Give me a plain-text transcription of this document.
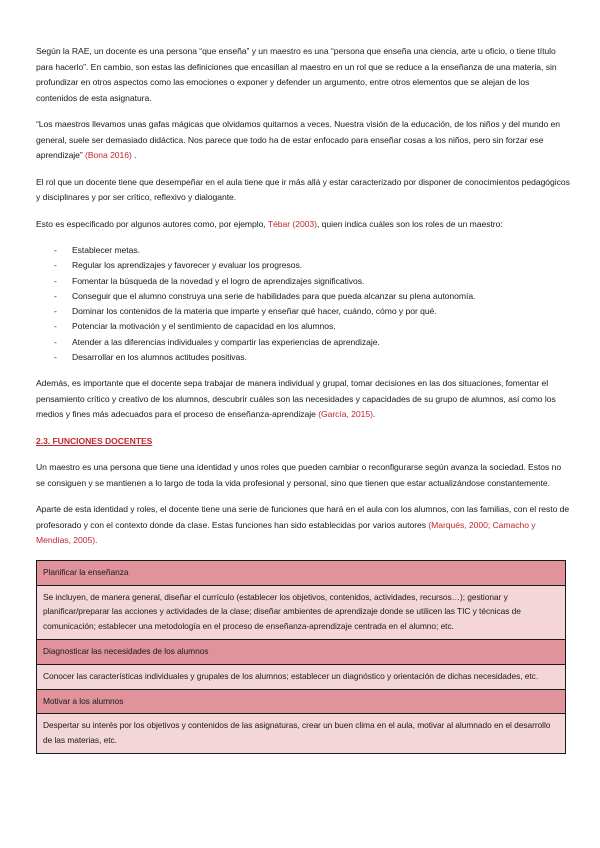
Según la RAE, un docente es una persona “que enseña” y un maestro es una “persona que enseña una ciencia, arte u oficio, o tiene título para hacerlo”. En cambio, son estas las definiciones que encasillan al maestro en un rol que se reduce a la enseñanza de una materia, sin profundizar en otros aspectos como las emociones o exponer y defender un argumento, entre otros elementos que se alejan de los contenidos de esta asignatura.

“Los maestros llevamos unas gafas mágicas que olvidamos quitarnos a veces. Nuestra visión de la educación, de los niños y del mundo en general, suele ser demasiado didáctica. Nos parece que todo ha de estar enfocado para enseñar cosas a los niños, pero sin forzar ese aprendizaje” (Bona 2016) .

El rol que un docente tiene que desempeñar en el aula tiene que ir más allá y estar caracterizado por disponer de conocimientos pedagógicos y disciplinares y por ser crítico, reflexivo y dialogante.

Esto es especificado por algunos autores como, por ejemplo, Tébar (2003), quien indica cuáles son los roles de un maestro:

- Establecer metas.
- Regular los aprendizajes y favorecer y evaluar los progresos.
- Fomentar la búsqueda de la novedad y el logro de aprendizajes significativos.
- Conseguir que el alumno construya una serie de habilidades para que pueda alcanzar su plena autonomía.
- Dominar los contenidos de la materia que imparte y enseñar qué hacer, cuándo, cómo y por qué.
- Potenciar la motivación y el sentimiento de capacidad en los alumnos.
- Atender a las diferencias individuales y compartir las experiencias de aprendizaje.
- Desarrollar en los alumnos actitudes positivas.

Además, es importante que el docente sepa trabajar de manera individual y grupal, tomar decisiones en las dos situaciones, fomentar el pensamiento crítico y creativo de los alumnos, descubrir cuáles son las necesidades y capacidades de su grupo de alumnos, así como los medios y fines más adecuados para el proceso de enseñanza-aprendizaje (García, 2015).

2.3. FUNCIONES DOCENTES

Un maestro es una persona que tiene una identidad y unos roles que pueden cambiar o reconfigurarse según avanza la sociedad. Estos no se consiguen y se mantienen a lo largo de toda la vida profesional y personal, sino que tienen que estar actualizándose constantemente.

Aparte de esta identidad y roles, el docente tiene una serie de funciones que hará en el aula con los alumnos, con las familias, con el resto de profesorado y con el contexto donde da clase. Estas funciones han sido establecidas por varios autores (Marqués, 2000; Camacho y Mendías, 2005).

Planificar la enseñanza
Se incluyen, de manera general, diseñar el currículo (establecer los objetivos, contenidos, actividades, recursos…); gestionar y planificar/preparar las acciones y actividades de la clase; diseñar ambientes de aprendizaje donde se utilicen las TIC y técnicas de comunicación; establecer una metodología en el proceso de enseñanza-aprendizaje centrada en el alumno; etc.
Diagnosticar las necesidades de los alumnos
Conocer las características individuales y grupales de los alumnos; establecer un diagnóstico y orientación de dichas necesidades, etc.
Motivar a los alumnos
Despertar su interés por los objetivos y contenidos de las asignaturas, crear un buen clima en el aula, motivar al alumnado en el desarrollo de las materias, etc.
